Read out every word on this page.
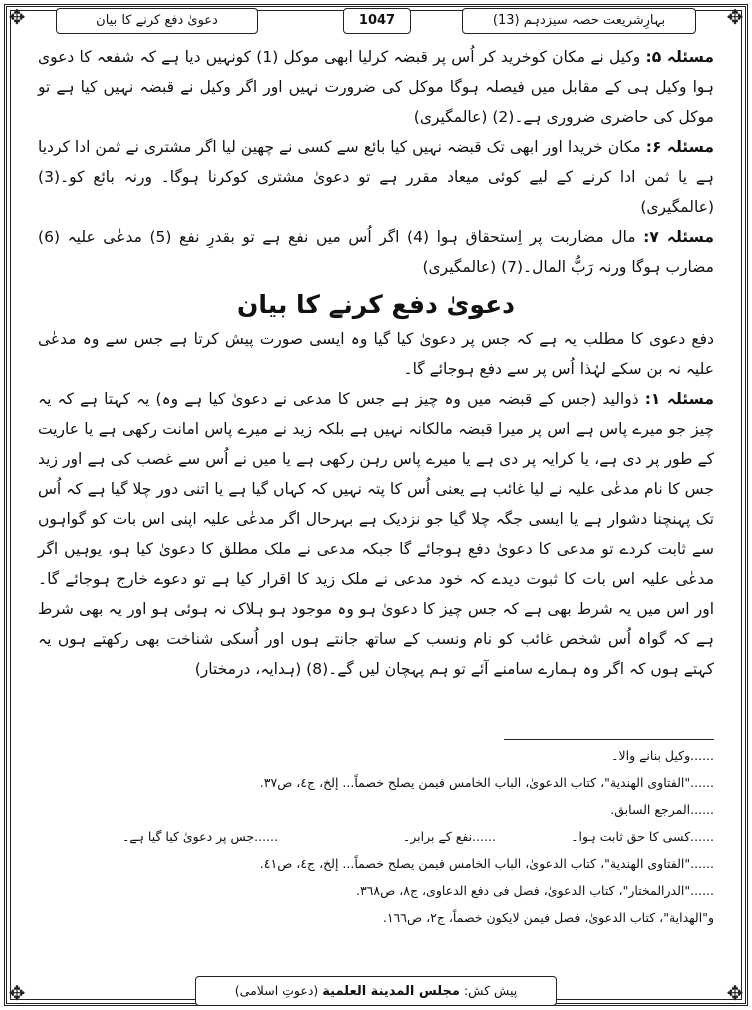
✥	✥
✥	✥
بہارِشریعت حصہ سیزدہم (13)
1047
دعویٰ دفع کرنے کا بیان

مسئلہ ۵: وکیل نے مکان کوخرید کر اُس پر قبضہ کرلیا ابھی موکل (1) کونہیں دیا ہے کہ شفعہ کا دعوی ہوا وکیل ہی کے مقابل میں فیصلہ ہوگا موکل کی ضرورت نہیں اور اگر وکیل نے قبضہ نہیں کیا ہے تو موکل کی حاضری ضروری ہے۔(2) (عالمگیری)

مسئلہ ۶: مکان خریدا اور ابھی تک قبضہ نہیں کیا بائع سے کسی نے چھین لیا اگر مشتری نے ثمن ادا کردیا ہے یا ثمن ادا کرنے کے لیے کوئی میعاد مقرر ہے تو دعویٰ مشتری کوکرنا ہوگا۔ ورنہ بائع کو۔(3) (عالمگیری)

مسئلہ ۷: مال مضاربت پر اِستحقاق ہوا (4) اگر اُس میں نفع ہے تو بقدرِ نفع (5) مدعٰی علیہ (6) مضارب ہوگا ورنہ رَبُّ المال۔(7) (عالمگیری)

دعویٰ دفع کرنے کا بیان

دفع دعوی کا مطلب یہ ہے کہ جس پر دعویٰ کیا گیا وہ ایسی صورت پیش کرتا ہے جس سے وہ مدعٰی علیہ نہ بن سکے لہٰذا اُس پر سے دفع ہوجائے گا۔

مسئلہ ۱: ذوالید (جس کے قبضہ میں وہ چیز ہے جس کا مدعی نے دعویٰ کیا ہے وہ) یہ کہتا ہے کہ یہ چیز جو میرے پاس ہے اس پر میرا قبضہ مالکانہ نہیں ہے بلکہ زید نے میرے پاس امانت رکھی ہے یا عاریت کے طور پر دی ہے، یا کرایہ پر دی ہے یا میرے پاس رہن رکھی ہے یا میں نے اُس سے غصب کی ہے اور زید جس کا نام مدعٰی علیہ نے لیا غائب ہے یعنی اُس کا پتہ نہیں کہ کہاں گیا ہے یا اتنی دور چلا گیا ہے کہ اُس تک پہنچنا دشوار ہے یا ایسی جگہ چلا گیا جو نزدیک ہے بہرحال اگر مدعٰی علیہ اپنی اس بات کو گواہوں سے ثابت کردے تو مدعی کا دعویٰ دفع ہوجائے گا جبکہ مدعی نے ملک مطلق کا دعویٰ کیا ہو، یوہیں اگر مدعٰی علیہ اس بات کا ثبوت دیدے کہ خود مدعی نے ملک زید کا اقرار کیا ہے تو دعوے خارج ہوجائے گا۔ اور اس میں یہ شرط بھی ہے کہ جس چیز کا دعویٰ ہو وہ موجود ہو ہلاک نہ ہوئی ہو اور یہ بھی شرط ہے کہ گواہ اُس شخص غائب کو نام ونسب کے ساتھ جانتے ہوں اور اُسکی شناخت بھی رکھتے ہوں یہ کہتے ہوں کہ اگر وہ ہمارے سامنے آئے تو ہم پہچان لیں گے۔(8) (ہدایہ، درمختار)

......وکیل بنانے والا۔
......"الفتاوی الهندیة"، کتاب الدعویٰ، الباب الخامس فیمن یصلح خصماً... إلخ، ج٤، ص٣٧.
......المرجع السابق.
......کسی کا حق ثابت ہوا۔
......نفع کے برابر۔
......جس پر دعویٰ کیا گیا ہے۔
......"الفتاوی الهندیة"، کتاب الدعویٰ، الباب الخامس فیمن یصلح خصماً... إلخ، ج٤، ص٤١.
......"الدرالمختار"، کتاب الدعویٰ، فصل فی دفع الدعاوی، ج٨، ص٣٦٨.
و"الهدایة"، کتاب الدعویٰ، فصل فیمن لایکون خصماً، ج٢، ص١٦٦.
پیش کش: مجلس المدینة العلمیة (دعوتِ اسلامی)
